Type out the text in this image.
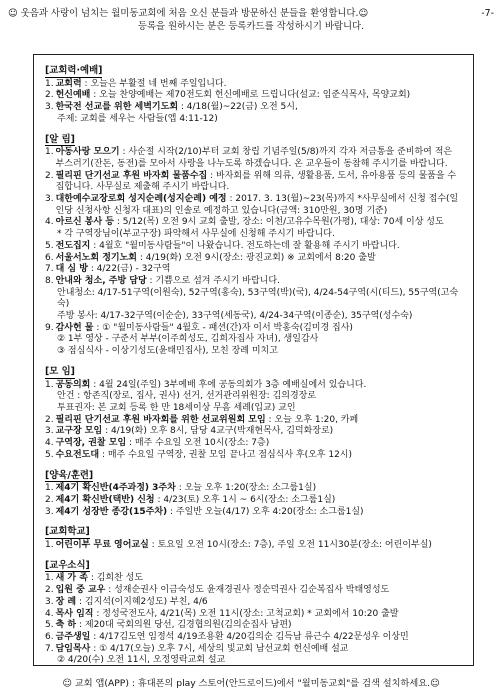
☺ 웃음과 사랑이 넘치는 월미동교회에 처음 오신 분들과 방문하신 분들을 환영합니다.☺	-7-
등록을 원하시는 분은 등록카드를 작성하시기 바랍니다.
[교회력·예배]
1. 교회력 : 오늘은 부활절 네 번째 주일입니다.
2. 헌신예배 : 오늘 찬양예배는 제70전도회 헌신예배로 드립니다(설교: 임준식목사, 목양교회)
3. 한국전 선교를 위한 세벽기도회 : 4/18(월)~22(금) 오전 5시,
주제: 교회를 세우는 사람들(엡 4:11-12)
[알 림]
1. 아동사랑 모으기 : 사순절 시작(2/10)부터 교회 창립 기념주일(5/8)까지 각자 저금통을 준비하여 적은 부스러기(잔돈, 동전)를 모아서 사랑을 나누도록 하겠습니다. 온 교우들이 동참해 주시기를 바랍니다.
2. 필리핀 단기선교 후원 바자회 물품수집 : 바자회를 위해 의류, 생활용품, 도서, 유아용품 등의 물품을 수집합니다. 사무실로 제출해 주시기 바랍니다.
3. 대한예수교장로회 성지순례(성지순례) 예정 : 2017. 3. 13(월)~23(목)까지 *사무실에서 신청 접수(일인당 신청사항 신청자 대표)의 인솔로 예정하고 있습니다(금액: 310만원, 30명 기준)
4. 아르신 봉사 등 : 5/12(목) 오전 9시 교회 출발, 장소: 이천/고유수목원(가평), 대상: 70세 이상 성도
* 각 구역장님이(부교구장) 파악해서 사무실에 신청해 주시기 바랍니다.
5. 전도집지 : 4월호 "월미동사람들"이 나왔습니다. 전도하는데 잘 활용해 주시기 바랍니다.
6. 서울서노회 정기노회 : 4/19(화) 오전 9시(장소: 광진교회) ※ 교회에서 8:20 출발
7. 대 심 방 : 4/22(금) - 32구역
8. 안내와 청소, 주방 담당 : 기쁨으로 섬겨 주시기 바랍니다.
안내청소: 4/17-51구역(이원숙), 52구역(홍숙), 53구역(박)(국), 4/24-54구역(시(티드), 55구역(고숙숙)
주방 봉사: 4/17-32구역(이순순), 33구역(세동국), 4/24-34구역(이종순), 35구역(성수숙)
9. 감사헌 물 : ① "월미동사람들" 4월호 - 패션(간)자 이서 박홍숙(김미경 집사)
② 1부 영상 - 구준서 부부(이주희성도, 김희자집사 자녀), 생일감사
③ 점심식사 - 이상기성도(윤태민집사), 모친 장례 미치고
[모 임]
1. 공동의회 : 4월 24일(주일) 3부예배 후에 공동의회가 3층 예배실에서 있습니다.
안건 : 항존직(장로, 집사, 권사) 선거, 선거관리위원장: 김의경장로
투표권자: 본 교회 등록 한 만 18세이상 무흠 세례(입교) 교인
2. 필리핀 단기선교 후원 바자회를 위한 선교위원회 모임 : 오늘 오후 1:20, 카페
3. 교구장 모임 : 4/19(화) 오후 8시, 담당 4교구(박재현목사, 김덕화장로)
4. 구역장, 권찰 모임 : 매주 수요일 오전 10시(장소: 7층)
5. 수요전도대 : 매주 수요일 구역장, 권찰 모임 끝나고 점심식사 후(오후 12시)
[양육/훈련]
1. 제4기 확신반(4주과정) 3주차 : 오늘 오후 1:20(장소: 소그룹1실)
2. 제4기 확신반(택반) 신청 : 4/23(토) 오후 1시 ~ 6시(장소: 소그룹1실)
3. 제4기 성장반 종강(15주차) : 주일반 오늘(4/17) 오후 4:20(장소: 소그룹1실)
[교회학교]
1. 어린이부 무료 영어교실 : 토요일 오전 10시(장소: 7층), 주일 오전 11시30분(장소: 어린이부실)
[교우소식]
1. 새 가 족 : 김희찬 성도
2. 입원 중 교우 : 성재순권사 이금숙성도 윤재경권사 정순덕권사 김순복집사 박태영성도
3. 장 례 : 김지석(이지혜2성도) 부친, 4/6
4. 목사 임직 : 정성국전도사, 4/21(목) 오전 11시(장소: 고척교회) * 교회에서 10:20 출발
5. 축 하 : 제20대 국회의원 당선, 김경협의원(김의순집사 남편)
6. 금주생일 : 4/17김도연 임정석 4/19조용환 4/20김의순 김득남 류근수 4/22문성우 이상민
7. 담임목사 : ① 4/17(오늘) 오후 7시, 세상의 빛교회 남선교회 헌신예배 설교
② 4/20(수) 오전 11시, 오정영락교회 설교
☺ 교회 앱(APP) : 휴대폰의 play 스토어(안드로이드)에서 "월미동교회"를 검색 설치하세요.☺
